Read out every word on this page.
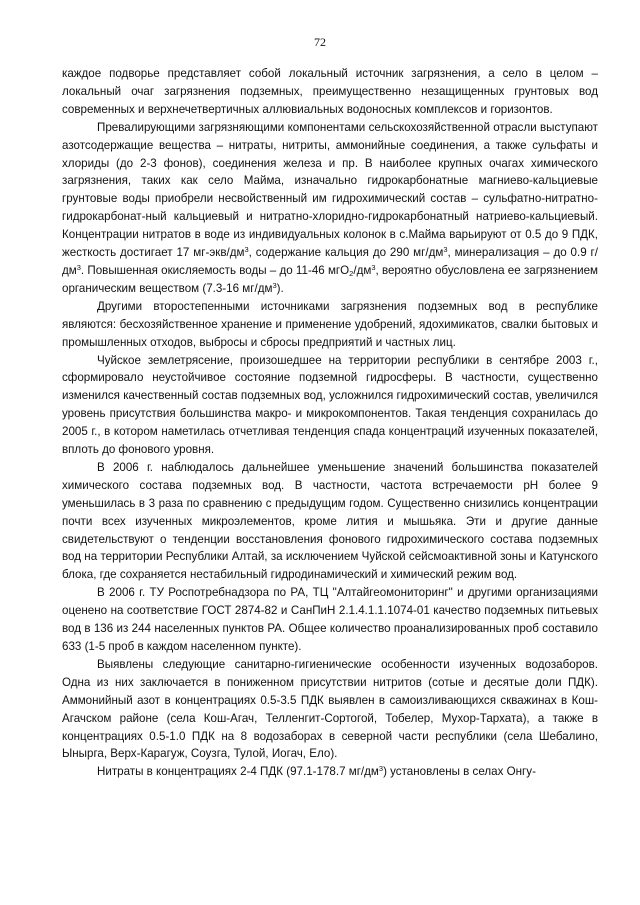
72

каждое подворье представляет собой локальный источник загрязнения, а село в целом – локальный очаг загрязнения подземных, преимущественно незащищенных грунтовых вод современных и верхнечетвертичных аллювиальных водоносных комплексов и горизонтов.

Превалирующими загрязняющими компонентами сельскохозяйственной отрасли выступают азотсодержащие вещества – нитраты, нитриты, аммонийные соединения, а также сульфаты и хлориды (до 2-3 фонов), соединения железа и пр. В наиболее крупных очагах химического загрязнения, таких как село Майма, изначально гидрокарбонатные магниево-кальциевые грунтовые воды приобрели несвойственный им гидрохимический состав – сульфатно-нитратно-гидрокарбонат-ный кальциевый и нитратно-хлоридно-гидрокарбонатный натриево-кальциевый. Концентрации нитратов в воде из индивидуальных колонок в с.Майма варьируют от 0.5 до 9 ПДК, жесткость достигает 17 $мг-экв/дм^3$, содержание кальция до 290 $мг/дм^3$, минерализация – до 0.9 $г/дм^3$. Повышенная окисляемость воды – до 11-46 $мгО_2/дм^3$, вероятно обусловлена ее загрязнением органическим веществом (7.3-16 $мг/дм^3$).

Другими второстепенными источниками загрязнения подземных вод в республике являются: бесхозяйственное хранение и применение удобрений, ядохимикатов, свалки бытовых и промышленных отходов, выбросы и сбросы предприятий и частных лиц.

Чуйское землетрясение, произошедшее на территории республики в сентябре 2003 г., сформировало неустойчивое состояние подземной гидросферы. В частности, существенно изменился качественный состав подземных вод, усложнился гидрохимический состав, увеличился уровень присутствия большинства макро- и микрокомпонентов. Такая тенденция сохранилась до 2005 г., в котором наметилась отчетливая тенденция спада концентраций изученных показателей, вплоть до фонового уровня.

В 2006 г. наблюдалось дальнейшее уменьшение значений большинства показателей химического состава подземных вод. В частности, частота встречаемости pH более 9 уменьшилась в 3 раза по сравнению с предыдущим годом. Существенно снизились концентрации почти всех изученных микроэлементов, кроме лития и мышьяка. Эти и другие данные свидетельствуют о тенденции восстановления фонового гидрохимического состава подземных вод на территории Республики Алтай, за исключением Чуйской сейсмоактивной зоны и Катунского блока, где сохраняется нестабильный гидродинамический и химический режим вод.

В 2006 г. ТУ Роспотребнадзора по РА, ТЦ "Алтайгеомониторинг" и другими организациями оценено на соответствие ГОСТ 2874-82 и СанПиН 2.1.4.1.1.1074-01 качество подземных питьевых вод в 136 из 244 населенных пунктов РА. Общее количество проанализированных проб составило 633 (1-5 проб в каждом населенном пункте).

Выявлены следующие санитарно-гигиенические особенности изученных водозаборов. Одна из них заключается в пониженном присутствии нитритов (сотые и десятые доли ПДК). Аммонийный азот в концентрациях 0.5-3.5 ПДК выявлен в самоизливающихся скважинах в Кош-Агачском районе (села Кош-Агач, Телленгит-Сортогой, Тобелер, Мухор-Тархата), а также в концентрациях 0.5-1.0 ПДК на 8 водозаборах в северной части республики (села Шебалино, Ынырга, Верх-Карагуж, Соузга, Тулой, Иогач, Ело).

Нитраты в концентрациях 2-4 ПДК (97.1-178.7 $мг/дм^3$) установлены в селах Онгу-
